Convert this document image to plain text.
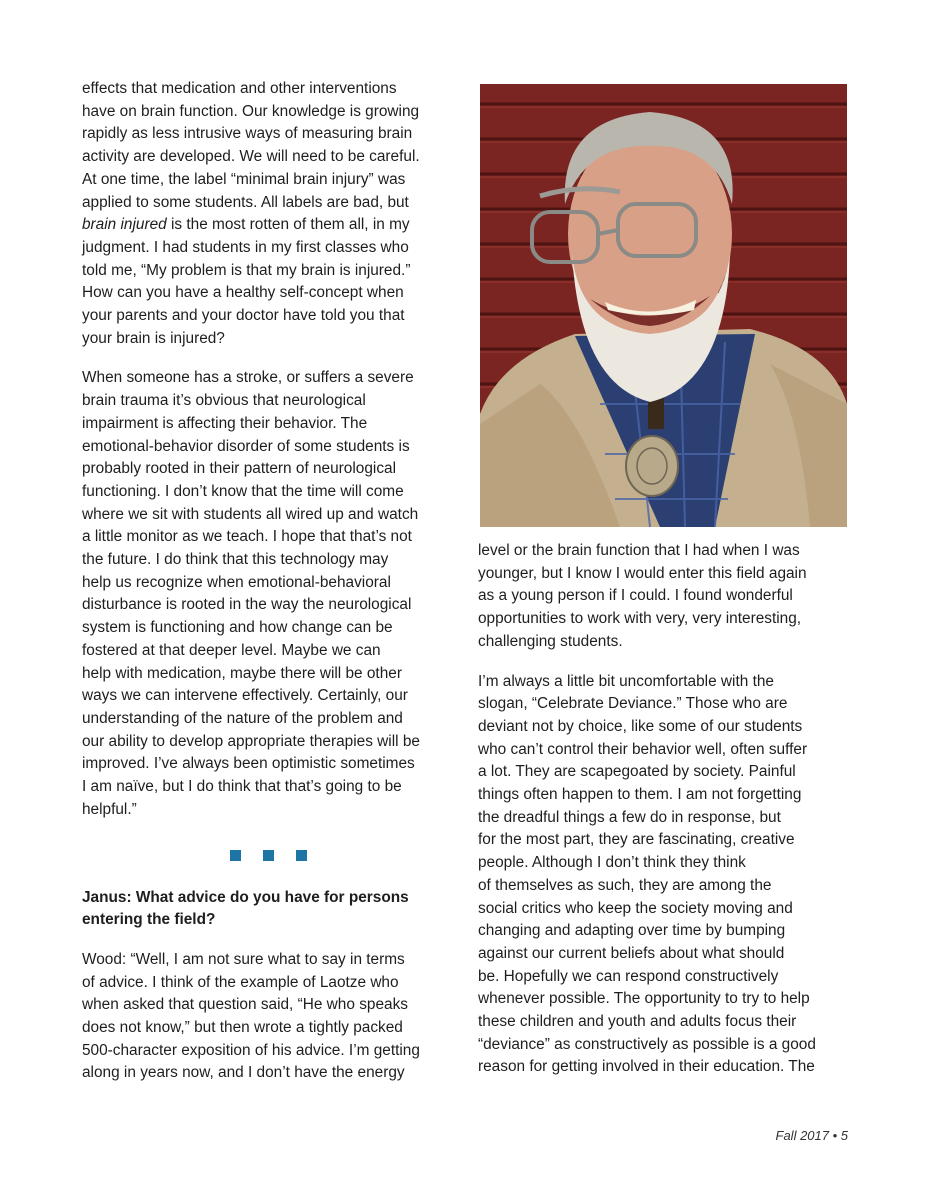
effects that medication and other interventions
have on brain function. Our knowledge is growing
rapidly as less intrusive ways of measuring brain
activity are developed. We will need to be careful.
At one time, the label “minimal brain injury” was
applied to some students. All labels are bad, but
brain injured is the most rotten of them all, in my
judgment. I had students in my first classes who
told me, “My problem is that my brain is injured.”
How can you have a healthy self-concept when
your parents and your doctor have told you that
your brain is injured?
When someone has a stroke, or suffers a severe
brain trauma it’s obvious that neurological
impairment is affecting their behavior. The
emotional-behavior disorder of some students is
probably rooted in their pattern of neurological
functioning. I don’t know that the time will come
where we sit with students all wired up and watch
a little monitor as we teach. I hope that that’s not
the future. I do think that this technology may
help us recognize when emotional-behavioral
disturbance is rooted in the way the neurological
system is functioning and how change can be
fostered at that deeper level. Maybe we can
help with medication, maybe there will be other
ways we can intervene effectively. Certainly, our
understanding of the nature of the problem and
our ability to develop appropriate therapies will be
improved. I’ve always been optimistic sometimes
I am naïve, but I do think that that’s going to be
helpful.”
Janus: What advice do you have for persons
entering the field?
Wood: “Well, I am not sure what to say in terms
of advice. I think of the example of Laotze who
when asked that question said, “He who speaks
does not know,” but then wrote a tightly packed
500-character exposition of his advice. I’m getting
along in years now, and I don’t have the energy
level or the brain function that I had when I was
younger, but I know I would enter this field again
as a young person if I could. I found wonderful
opportunities to work with very, very interesting,
challenging students.
I’m always a little bit uncomfortable with the
slogan, “Celebrate Deviance.” Those who are
deviant not by choice, like some of our students
who can’t control their behavior well, often suffer
a lot. They are scapegoated by society. Painful
things often happen to them. I am not forgetting
the dreadful things a few do in response, but
for the most part, they are fascinating, creative
people. Although I don’t think they think
of themselves as such, they are among the
social critics who keep the society moving and
changing and adapting over time by bumping
against our current beliefs about what should
be. Hopefully we can respond constructively
whenever possible. The opportunity to try to help
these children and youth and adults focus their
“deviance” as constructively as possible is a good
reason for getting involved in their education. The
Fall 2017 • 5
